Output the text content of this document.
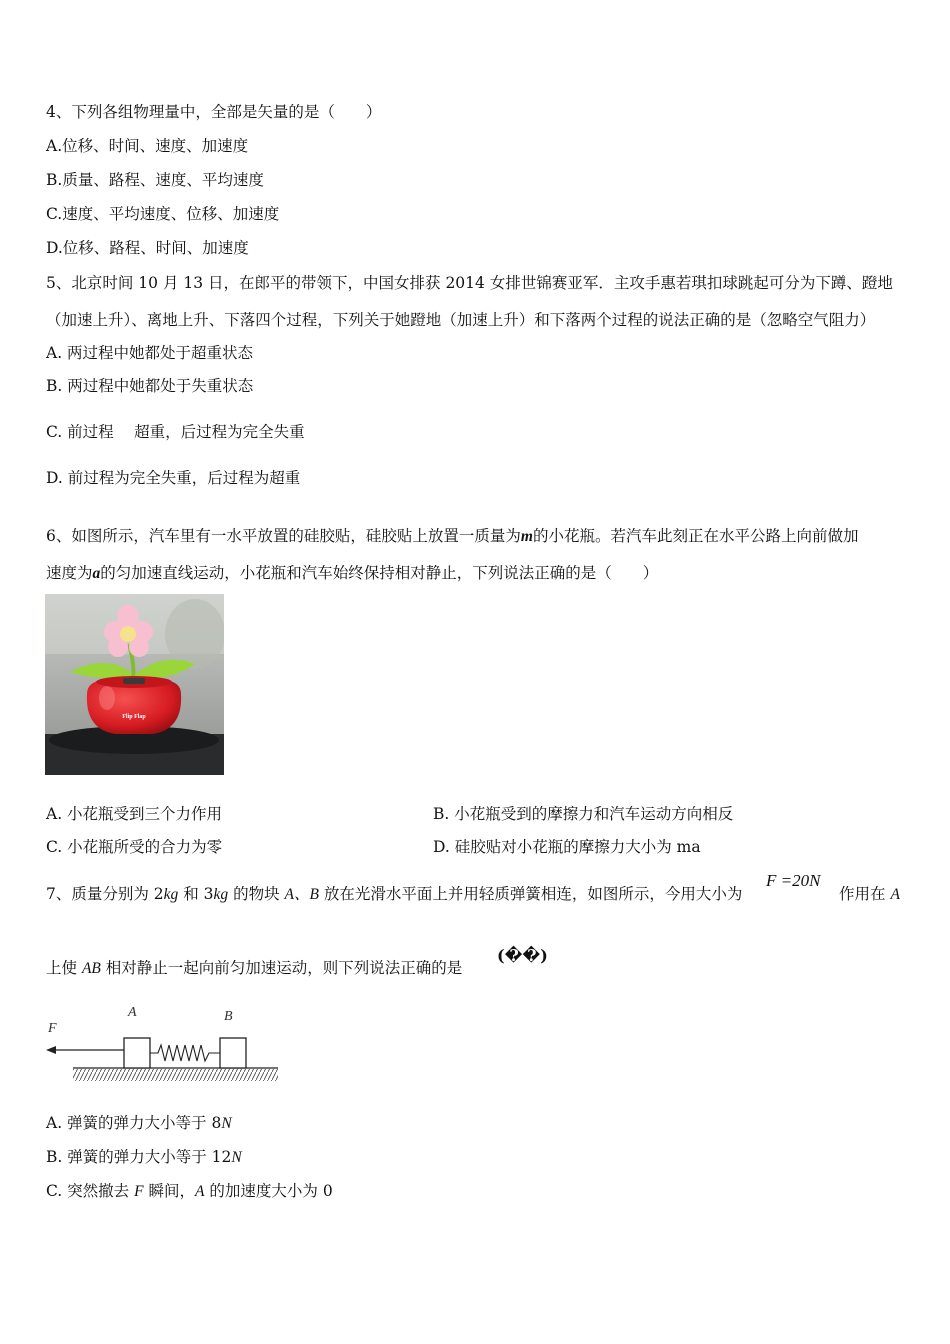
4、下列各组物理量中，全部是矢量的是（　　）
A.位移、时间、速度、加速度
B.质量、路程、速度、平均速度
C.速度、平均速度、位移、加速度
D.位移、路程、时间、加速度
5、北京时间 10 月 13 日，在郎平的带领下，中国女排获 2014 女排世锦赛亚军．主攻手惠若琪扣球跳起可分为下蹲、蹬地
（加速上升）、离地上升、下落四个过程，下列关于她蹬地（加速上升）和下落两个过程的说法正确的是（忽略空气阻力）
A. 两过程中她都处于超重状态
B. 两过程中她都处于失重状态
C. 前过程　 超重，后过程为完全失重
D. 前过程为完全失重，后过程为超重
6、如图所示，汽车里有一水平放置的硅胶贴，硅胶贴上放置一质量为m的小花瓶。若汽车此刻正在水平公路上向前做加
速度为a的匀加速直线运动，小花瓶和汽车始终保持相对静止，下列说法正确的是（　　）
Flip Flap
A. 小花瓶受到三个力作用	B. 小花瓶受到的摩擦力和汽车运动方向相反
C. 小花瓶所受的合力为零	D. 硅胶贴对小花瓶的摩擦力大小为 ma
7、质量分别为 2kg 和 3kg 的物块 A、B 放在光滑水平面上并用轻质弹簧相连，如图所示，今用大小为
F =20N
作用在 A
上使 AB 相对静止一起向前匀加速运动，则下列说法正确的是
(��)
F
A	B
A. 弹簧的弹力大小等于 8N
B. 弹簧的弹力大小等于 12N
C. 突然撤去 F 瞬间，A 的加速度大小为 0
